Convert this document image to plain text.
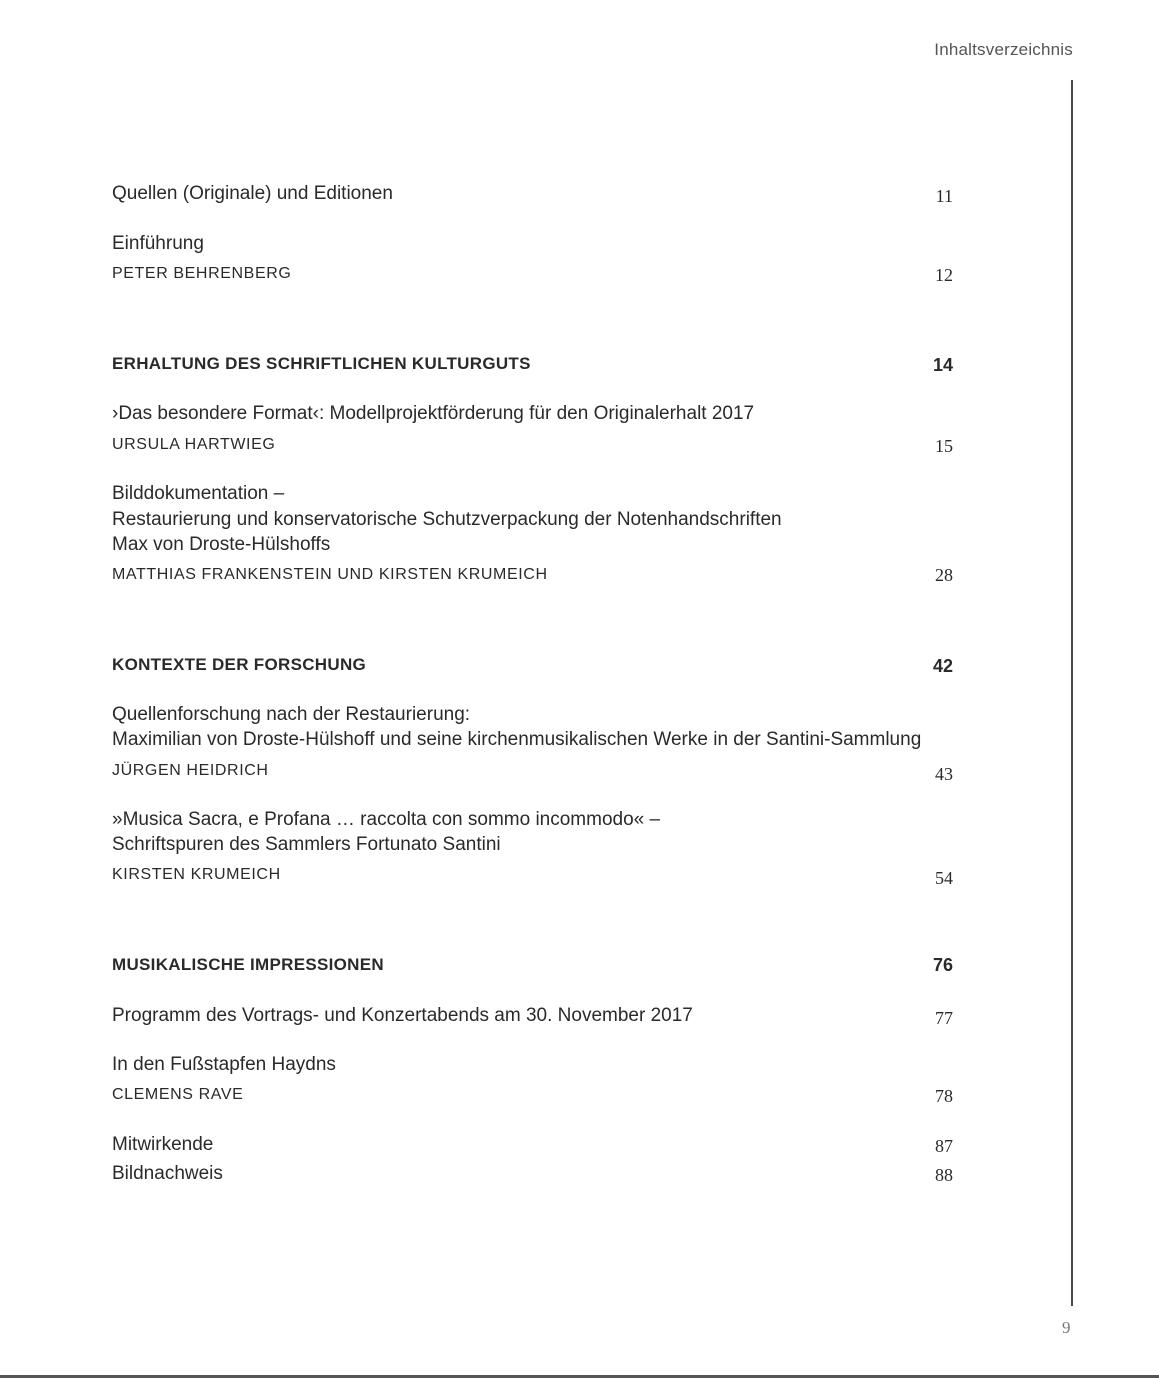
Inhaltsverzeichnis
Quellen (Originale) und Editionen	11
Einführung
PETER BEHRENBERG	12
ERHALTUNG DES SCHRIFTLICHEN KULTURGUTS	14
›Das besondere Format‹: Modellprojektförderung für den Originalerhalt 2017
URSULA HARTWIEG	15
Bilddokumentation –
Restaurierung und konservatorische Schutzverpackung der Notenhandschriften
Max von Droste-Hülshoffs
MATTHIAS FRANKENSTEIN UND KIRSTEN KRUMEICH	28
KONTEXTE DER FORSCHUNG	42
Quellenforschung nach der Restaurierung:
Maximilian von Droste-Hülshoff und seine kirchenmusikalischen Werke in der Santini-Sammlung
JÜRGEN HEIDRICH	43
»Musica Sacra, e Profana … raccolta con sommo incommodo« –
Schriftspuren des Sammlers Fortunato Santini
KIRSTEN KRUMEICH	54
MUSIKALISCHE IMPRESSIONEN	76
Programm des Vortrags- und Konzertabends am 30. November 2017	77
In den Fußstapfen Haydns
CLEMENS RAVE	78
Mitwirkende	87
Bildnachweis	88
9
